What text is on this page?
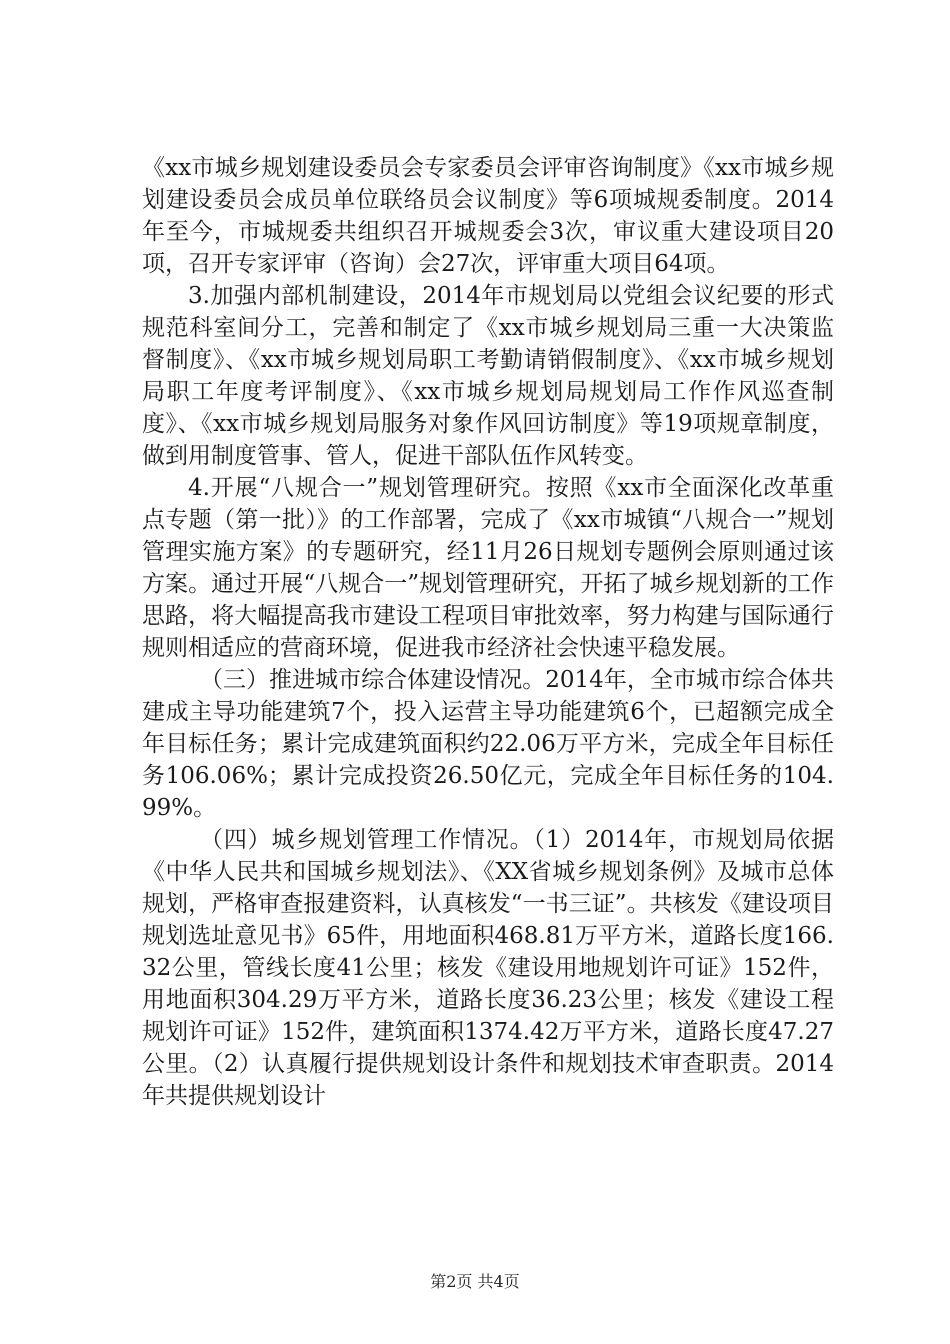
《xx市城乡规划建设委员会专家委员会评审咨询制度》《xx市城乡规划建设委员会成员单位联络员会议制度》等6项城规委制度。2014年至今，市城规委共组织召开城规委会3次，审议重大建设项目20项，召开专家评审（咨询）会27次，评审重大项目64项。

3.加强内部机制建设，2014年市规划局以党组会议纪要的形式规范科室间分工，完善和制定了《xx市城乡规划局三重一大决策监督制度》、《xx市城乡规划局职工考勤请销假制度》、《xx市城乡规划局职工年度考评制度》、《xx市城乡规划局规划局工作作风巡查制度》、《xx市城乡规划局服务对象作风回访制度》等19项规章制度，做到用制度管事、管人，促进干部队伍作风转变。

4.开展“八规合一”规划管理研究。按照《xx市全面深化改革重点专题（第一批）》的工作部署，完成了《xx市城镇“八规合一”规划管理实施方案》的专题研究，经11月26日规划专题例会原则通过该方案。通过开展“八规合一”规划管理研究，开拓了城乡规划新的工作思路，将大幅提高我市建设工程项目审批效率，努力构建与国际通行规则相适应的营商环境，促进我市经济社会快速平稳发展。

（三）推进城市综合体建设情况。2014年，全市城市综合体共建成主导功能建筑7个，投入运营主导功能建筑6个，已超额完成全年目标任务；累计完成建筑面积约22.06万平方米，完成全年目标任务106.06%；累计完成投资26.50亿元，完成全年目标任务的104.99%。

（四）城乡规划管理工作情况。（1）2014年，市规划局依据《中华人民共和国城乡规划法》、《XX省城乡规划条例》及城市总体规划，严格审查报建资料，认真核发“一书三证”。共核发《建设项目规划选址意见书》65件，用地面积468.81万平方米，道路长度166.32公里，管线长度41公里；核发《建设用地规划许可证》152件，用地面积304.29万平方米，道路长度36.23公里；核发《建设工程规划许可证》152件，建筑面积1374.42万平方米，道路长度47.27公里。（2）认真履行提供规划设计条件和规划技术审查职责。2014年共提供规划设计

第2页 共4页
